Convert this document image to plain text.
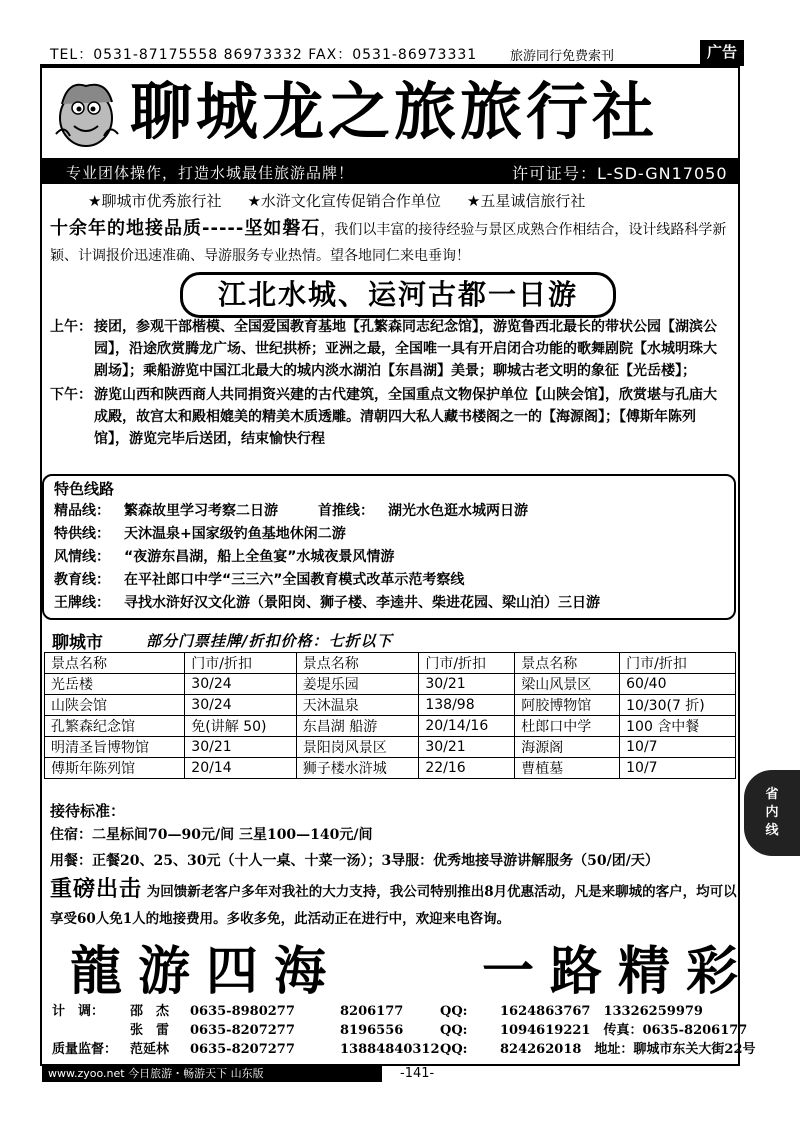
TEL：0531-87175558 86973332 FAX：0531-86973331	旅游同行免费索刊	广告
聊城龙之旅旅行社
专业团体操作，打造水城最佳旅游品牌！	许可证号：L-SD-GN17050
★聊城市优秀旅行社 ★水浒文化宣传促销合作单位 ★五星诚信旅行社
十余年的地接品质-----坚如磐石，我们以丰富的接待经验与景区成熟合作相结合，设计线路科学新颖、计调报价迅速准确、导游服务专业热情。望各地同仁来电垂询！
江北水城、运河古都一日游
上午： 接团，参观干部楷模、全国爱国教育基地【孔繁森同志纪念馆】，游览鲁西北最长的带状公园【湖滨公园】，沿途欣赏腾龙广场、世纪拱桥；亚洲之最，全国唯一具有开启闭合功能的歌舞剧院【水城明珠大剧场】；乘船游览中国江北最大的城内淡水湖泊【东昌湖】美景；聊城古老文明的象征【光岳楼】；
下午： 游览山西和陕西商人共同捐资兴建的古代建筑，全国重点文物保护单位【山陕会馆】，欣赏堪与孔庙大成殿，故宫太和殿相媲美的精美木质透雕。清朝四大私人藏书楼阁之一的【海源阁】；【傅斯年陈列馆】，游览完毕后送团，结束愉快行程
特色线路
精品线：	繁森故里学习考察二日游	首推线： 湖光水色逛水城两日游
特供线：	天沐温泉+国家级钓鱼基地休闲二游
风情线：	“夜游东昌湖，船上全鱼宴”水城夜景风情游
教育线：	在平社郎口中学“三三六”全国教育模式改革示范考察线
王牌线：	寻找水浒好汉文化游（景阳岗、狮子楼、李逵井、柴进花园、梁山泊）三日游
聊城市	部分门票挂牌/折扣价格：七折以下
景点名称	门市/折扣	景点名称	门市/折扣	景点名称	门市/折扣
光岳楼	30/24	姜堤乐园	30/21	梁山风景区	60/40
山陕会馆	30/24	天沐温泉	138/98	阿胶博物馆	10/30(7 折)
孔繁森纪念馆	免(讲解 50)	东昌湖 船游	20/14/16	杜郎口中学	100 含中餐
明清圣旨博物馆	30/21	景阳岗风景区	30/21	海源阁	10/7
傅斯年陈列馆	20/14	狮子楼水浒城	22/16	曹植墓	10/7
接待标准：
住宿：二星标间70—90元/间 三星100—140元/间
用餐：正餐20、25、30元（十人一桌、十菜一汤）；3导服：优秀地接导游讲解服务（50/团/天）
重磅出击 为回馈新老客户多年对我社的大力支持，我公司特别推出8月优惠活动，凡是来聊城的客户，均可以享受60人免1人的地接费用。多收多免，此活动正在进行中，欢迎来电咨询。
龍游四海	一路精彩
计　调：	邵　杰	0635-8980277	8206177	QQ:	1624863767　13326259979
张　雷	0635-8207277	8196556	QQ:	1094619221　传真：0635-8206177
质量监督： 范延林	0635-8207277	13884840312 QQ:	824262018　地址：聊城市东关大街22号
www.zyoo.net 今日旅游・畅游天下 山东版	-141-
省
内
线
